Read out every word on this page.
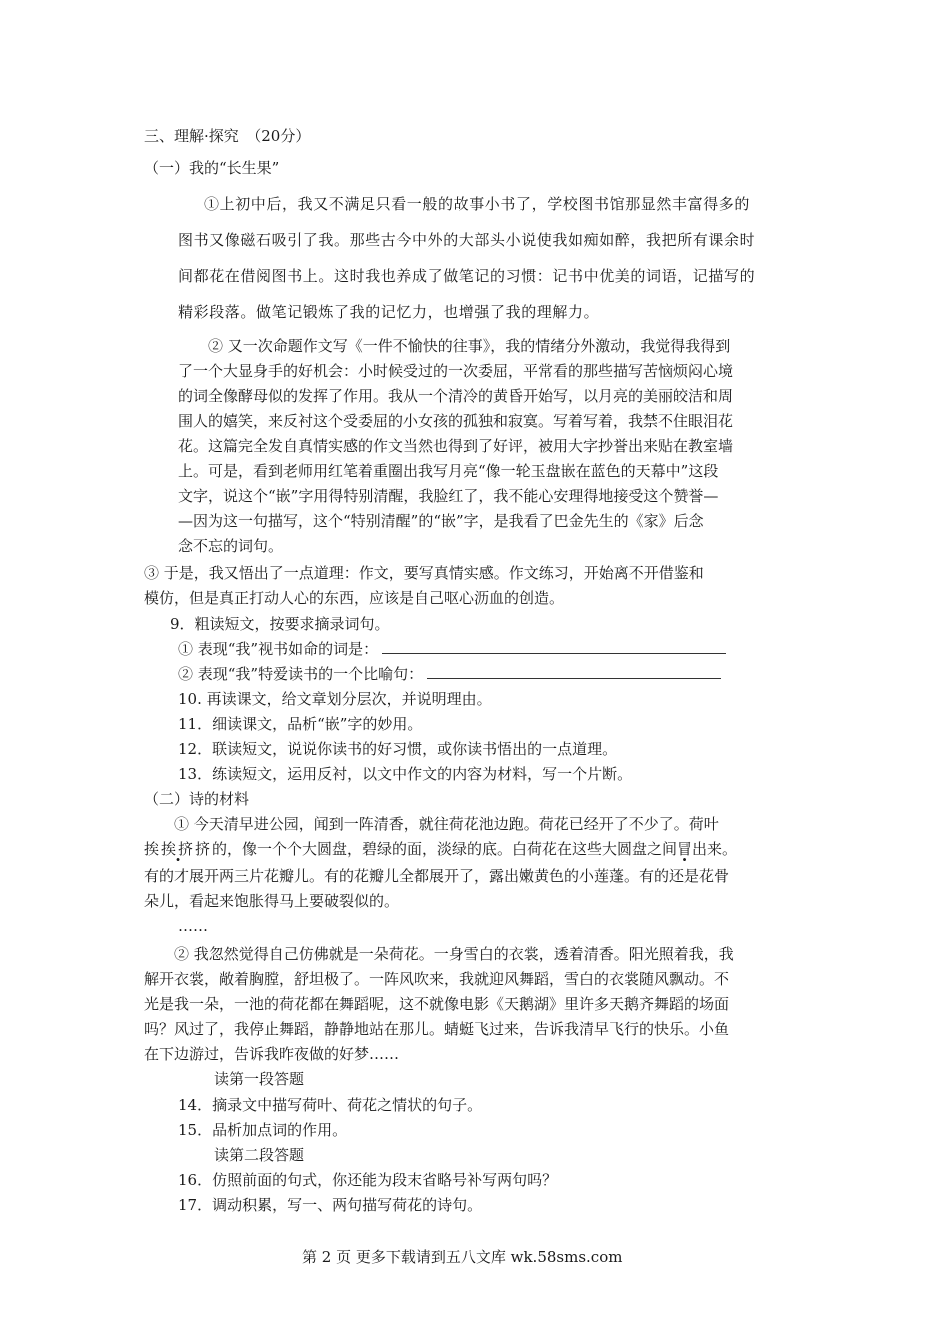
三、理解·探究　（20分）
（一）我的“长生果”
①上初中后，我又不满足只看一般的故事小书了，学校图书馆那显然丰富得多的
图书又像磁石吸引了我。那些古今中外的大部头小说使我如痴如醉，我把所有课余时
间都花在借阅图书上。这时我也养成了做笔记的习惯：记书中优美的词语，记描写的
精彩段落。做笔记锻炼了我的记忆力，也增强了我的理解力。
② 又一次命题作文写《一件不愉快的往事》，我的情绪分外激动，我觉得我得到
了一个大显身手的好机会：小时候受过的一次委屈，平常看的那些描写苦恼烦闷心境
的词全像酵母似的发挥了作用。我从一个清冷的黄昏开始写，以月亮的美丽皎洁和周
围人的嬉笑，来反衬这个受委屈的小女孩的孤独和寂寞。写着写着，我禁不住眼泪花
花。这篇完全发自真情实感的作文当然也得到了好评，被用大字抄誉出来贴在教室墙
上。可是，看到老师用红笔着重圈出我写月亮“像一轮玉盘嵌在蓝色的天幕中”这段
文字，说这个“嵌”字用得特别清醒，我脸红了，我不能心安理得地接受这个赞誉—
—因为这一句描写，这个“特别清醒”的“嵌”字，是我看了巴金先生的《家》后念
念不忘的词句。
③ 于是，我又悟出了一点道理：作文，要写真情实感。作文练习，开始离不开借鉴和
模仿，但是真正打动人心的东西，应该是自己呕心沥血的创造。
9．粗读短文，按要求摘录词句。
① 表现“我”视书如命的词是：
② 表现“我”特爱读书的一个比喻句：
10. 再读课文，给文章划分层次，并说明理由。
11．细读课文，品析“嵌”字的妙用。
12．联读短文，说说你读书的好习惯，或你读书悟出的一点道理。
13．练读短文，运用反衬，以文中作文的内容为材料，写一个片断。
（二）诗的材料
① 今天清早进公园，闻到一阵清香，就往荷花池边跑。荷花已经开了不少了。荷叶
挨挨挤挤的，像一个个大圆盘，碧绿的面，淡绿的底。白荷花在这些大圆盘之间冒出来。
有的才展开两三片花瓣儿。有的花瓣儿全都展开了，露出嫩黄色的小莲蓬。有的还是花骨
朵儿，看起来饱胀得马上要破裂似的。
……
② 我忽然觉得自己仿佛就是一朵荷花。一身雪白的衣裳，透着清香。阳光照着我，我
解开衣裳，敞着胸膛，舒坦极了。一阵风吹来，我就迎风舞蹈，雪白的衣裳随风飘动。不
光是我一朵，一池的荷花都在舞蹈呢，这不就像电影《天鹅湖》里许多天鹅齐舞蹈的场面
吗？风过了，我停止舞蹈，静静地站在那儿。蜻蜓飞过来，告诉我清早飞行的快乐。小鱼
在下边游过，告诉我昨夜做的好梦……
读第一段答题
14．摘录文中描写荷叶、荷花之情状的句子。
15．品析加点词的作用。
读第二段答题
16．仿照前面的句式，你还能为段末省略号补写两句吗？
17．调动积累，写一、两句描写荷花的诗句。
第 2 页 更多下载请到五八文库 wk.58sms.com
